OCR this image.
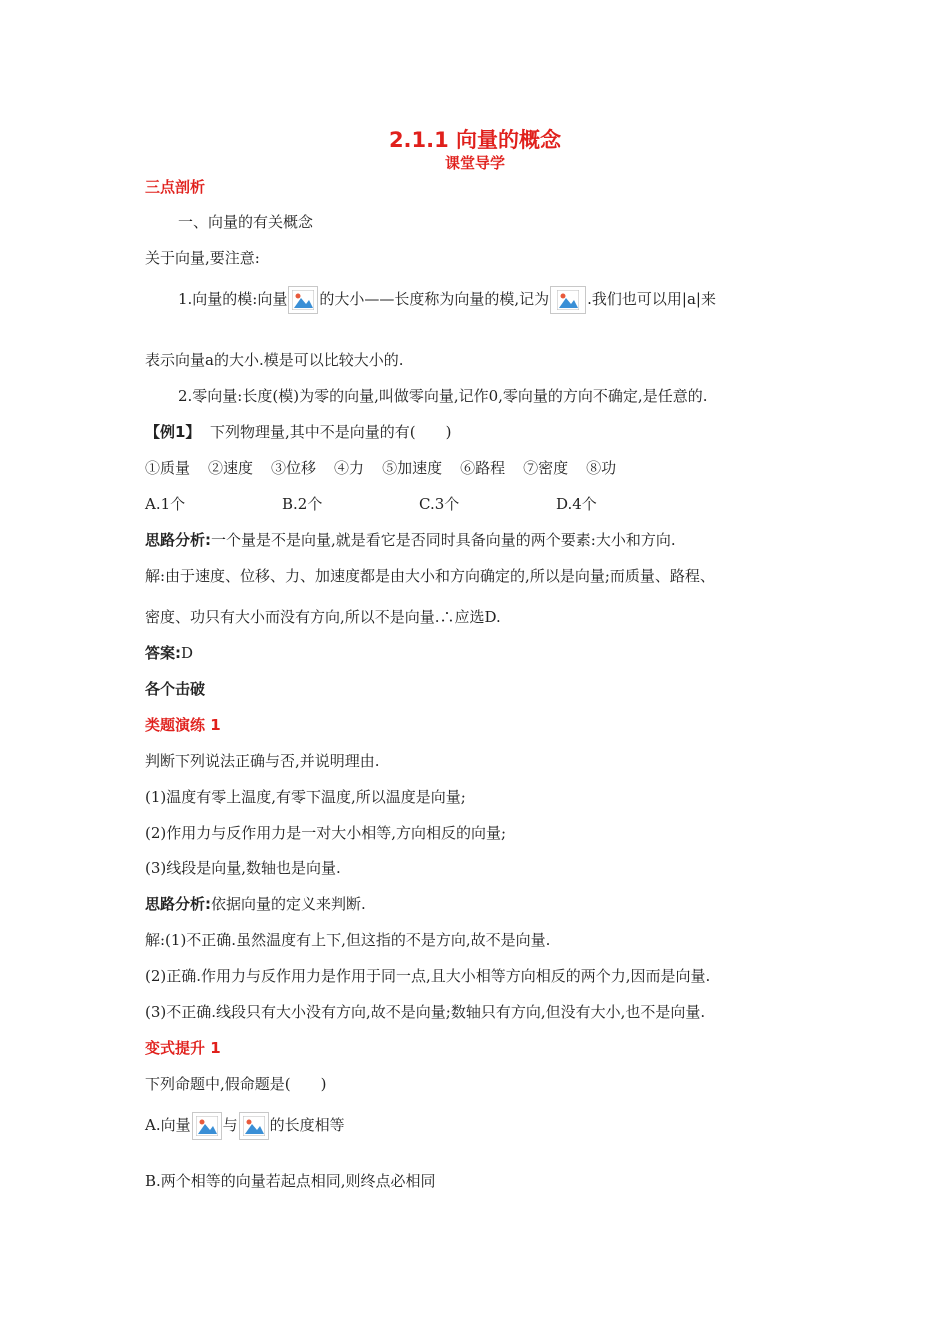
2.1.1 向量的概念
课堂导学
三点剖析
一、向量的有关概念
关于向量,要注意:
1.向量的模:向量 的大小——长度称为向量的模,记为	.我们也可以用|a|来
表示向量a的大小.模是可以比较大小的.
2.零向量:长度(模)为零的向量,叫做零向量,记作0,零向量的方向不确定,是任意的.
【例1】 下列物理量,其中不是向量的有(　　)
①质量 ②速度 ③位移 ④力 ⑤加速度 ⑥路程 ⑦密度 ⑧功
A.1个	B.2个	C.3个	D.4个
思路分析:一个量是不是向量,就是看它是否同时具备向量的两个要素:大小和方向.
解:由于速度、位移、力、加速度都是由大小和方向确定的,所以是向量;而质量、路程、
密度、功只有大小而没有方向,所以不是向量.∴应选D.
答案:D
各个击破
类题演练 1
判断下列说法正确与否,并说明理由.
(1)温度有零上温度,有零下温度,所以温度是向量;
(2)作用力与反作用力是一对大小相等,方向相反的向量;
(3)线段是向量,数轴也是向量.
思路分析:依据向量的定义来判断.
解:(1)不正确.虽然温度有上下,但这指的不是方向,故不是向量.
(2)正确.作用力与反作用力是作用于同一点,且大小相等方向相反的两个力,因而是向量.
(3)不正确.线段只有大小没有方向,故不是向量;数轴只有方向,但没有大小,也不是向量.
变式提升 1
下列命题中,假命题是(　　)
A.向量 与 的长度相等
B.两个相等的向量若起点相同,则终点必相同
